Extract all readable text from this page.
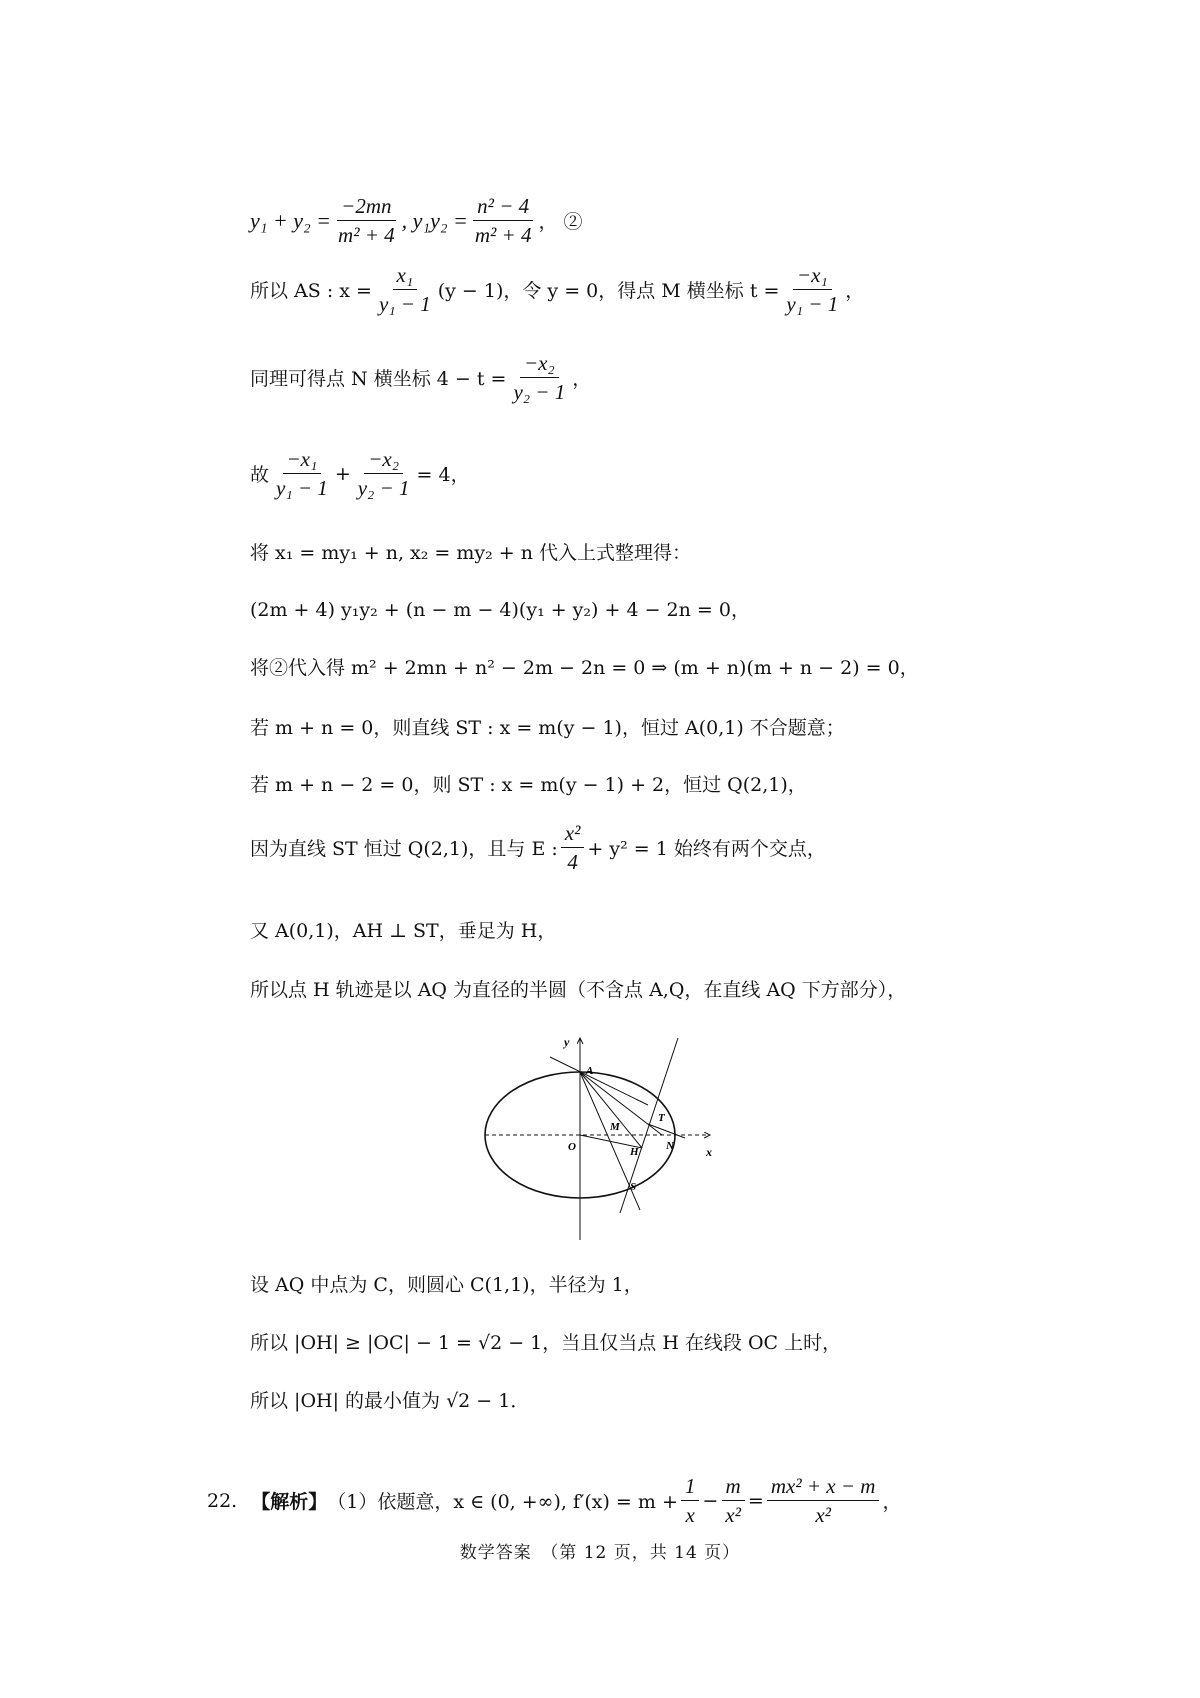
$y_1 + y_2 = \frac{-2mn}{\text{m² + 4}}$ , $y_1y_2 = \frac{\text{n² − 4}}{\text{m² + 4}}$ ， ②
所以 AS : $x = \frac{\text{x₁}}{\text{y₁ − 1}} (y - 1)$，令 y = 0，得点 M 横坐标 $t = \frac{\text{−x₁}}{\text{y₁ − 1}}$ ，
同理可得点 N 横坐标 $4 - t = \frac{\text{−x₂}}{\text{y₂ − 1}}$ ，
故 $\frac{\text{−x₁}}{\text{y₁ − 1}} + \frac{\text{−x₂}}{\text{y₂ − 1}} = 4$，
将 x₁ = my₁ + n, x₂ = my₂ + n 代入上式整理得：
(2m + 4) y₁y₂ + (n − m − 4)(y₁ + y₂) + 4 − 2n = 0，
将②代入得 m² + 2mn + n² − 2m − 2n = 0 ⇒ (m + n)(m + n − 2) = 0，
若 m + n = 0，则直线 ST : x = m(y − 1)，恒过 A(0,1) 不合题意；
若 m + n − 2 = 0，则 ST : x = m(y − 1) + 2，恒过 Q(2,1)，
因为直线 ST 恒过 Q(2,1)，且与 E : $\frac{\text{x²}}{4} + y^2 = 1$ 始终有两个交点，
又 A(0,1)，AH ⊥ ST，垂足为 H，
所以点 H 轨迹是以 AQ 为直径的半圆（不含点 A,Q，在直线 AQ 下方部分），
y
x
A
O
M
H
T
N
S
设 AQ 中点为 C，则圆心 C(1,1)，半径为 1，
所以 |OH| ≥ |OC| − 1 = √2 − 1，当且仅当点 H 在线段 OC 上时，
所以 |OH| 的最小值为 √2 − 1．
22. 【解析】 （1）依题意，x ∈ (0, +∞), $f'(x) = m + \frac{1}{x} - \frac{m}{\text{x²}} = \frac{\text{mx² + x − m}}{\text{x²}}$ ，
数学答案　（第 12 页，共 14 页）
